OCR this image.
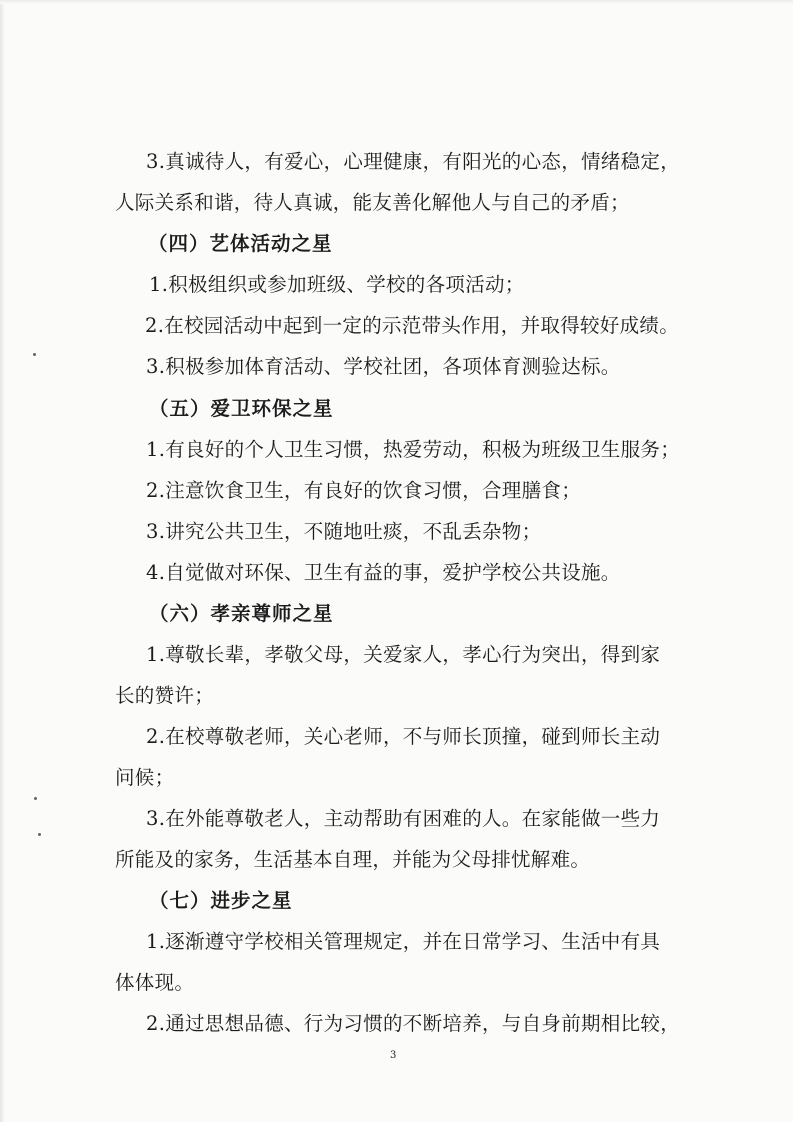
3.真诚待人，有爱心，心理健康，有阳光的心态，情绪稳定，
人际关系和谐，待人真诚，能友善化解他人与自己的矛盾；
（四）艺体活动之星
1.积极组织或参加班级、学校的各项活动；
2.在校园活动中起到一定的示范带头作用，并取得较好成绩。
3.积极参加体育活动、学校社团，各项体育测验达标。
（五）爱卫环保之星
1.有良好的个人卫生习惯，热爱劳动，积极为班级卫生服务；
2.注意饮食卫生，有良好的饮食习惯，合理膳食；
3.讲究公共卫生，不随地吐痰，不乱丢杂物；
4.自觉做对环保、卫生有益的事，爱护学校公共设施。
（六）孝亲尊师之星
1.尊敬长辈，孝敬父母，关爱家人，孝心行为突出，得到家
长的赞许；
2.在校尊敬老师，关心老师，不与师长顶撞，碰到师长主动
问候；
3.在外能尊敬老人，主动帮助有困难的人。在家能做一些力
所能及的家务，生活基本自理，并能为父母排忧解难。
（七）进步之星
1.逐渐遵守学校相关管理规定，并在日常学习、生活中有具
体体现。
2.通过思想品德、行为习惯的不断培养，与自身前期相比较，
3
